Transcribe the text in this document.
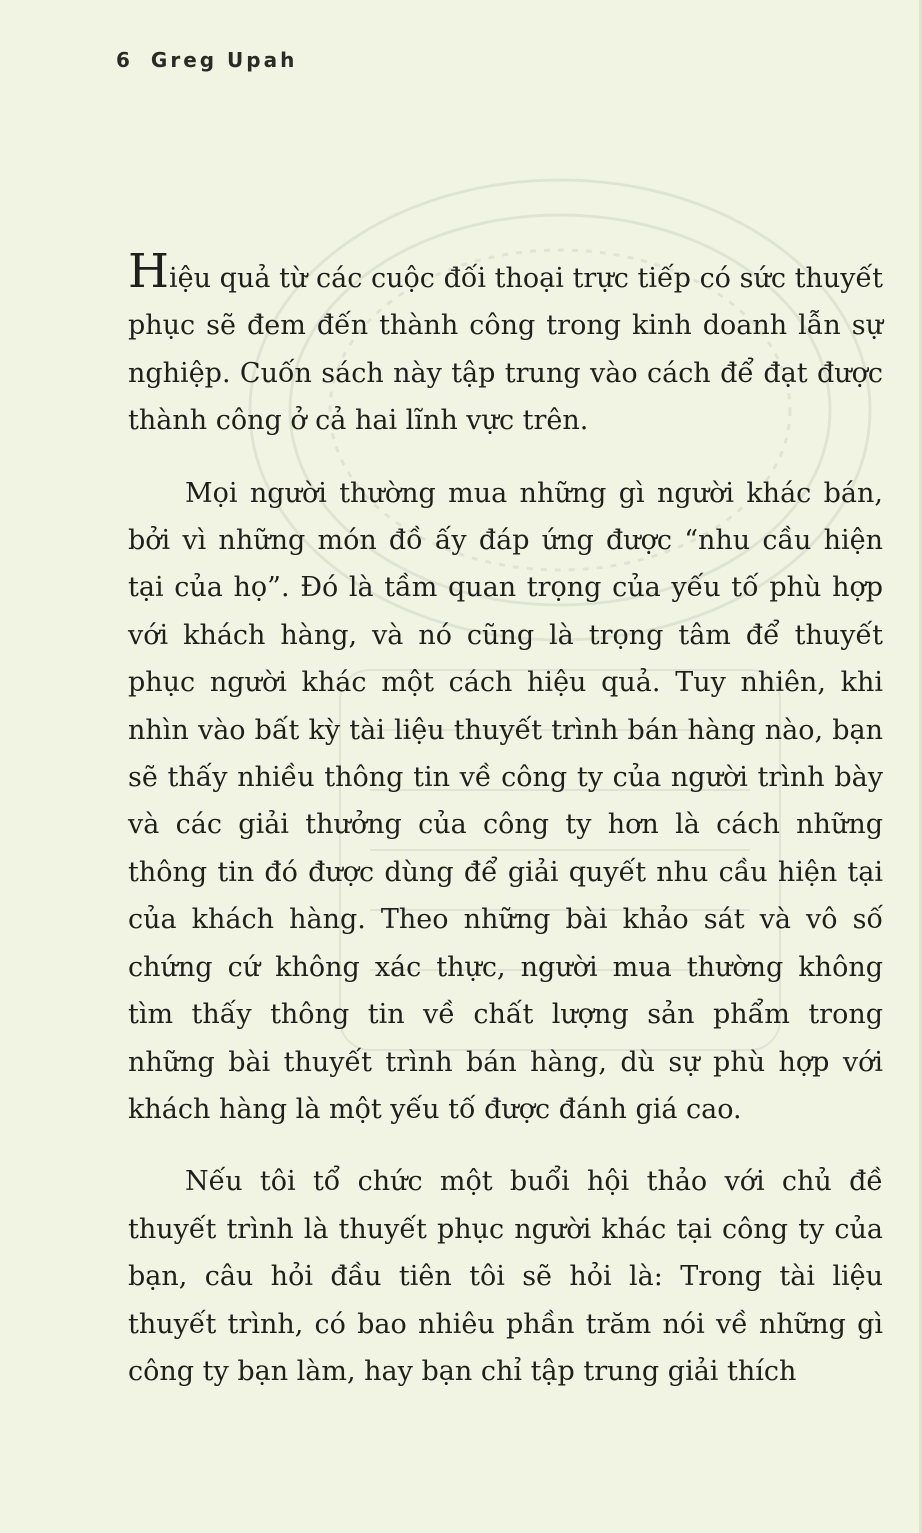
6 Greg Upah

Hiệu quả từ các cuộc đối thoại trực tiếp có sức thuyết phục sẽ đem đến thành công trong kinh doanh lẫn sự nghiệp. Cuốn sách này tập trung vào cách để đạt được thành công ở cả hai lĩnh vực trên.

Mọi người thường mua những gì người khác bán, bởi vì những món đồ ấy đáp ứng được “nhu cầu hiện tại của họ”. Đó là tầm quan trọng của yếu tố phù hợp với khách hàng, và nó cũng là trọng tâm để thuyết phục người khác một cách hiệu quả. Tuy nhiên, khi nhìn vào bất kỳ tài liệu thuyết trình bán hàng nào, bạn sẽ thấy nhiều thông tin về công ty của người trình bày và các giải thưởng của công ty hơn là cách những thông tin đó được dùng để giải quyết nhu cầu hiện tại của khách hàng. Theo những bài khảo sát và vô số chứng cứ không xác thực, người mua thường không tìm thấy thông tin về chất lượng sản phẩm trong những bài thuyết trình bán hàng, dù sự phù hợp với khách hàng là một yếu tố được đánh giá cao.

Nếu tôi tổ chức một buổi hội thảo với chủ đề thuyết trình là thuyết phục người khác tại công ty của bạn, câu hỏi đầu tiên tôi sẽ hỏi là: Trong tài liệu thuyết trình, có bao nhiêu phần trăm nói về những gì công ty bạn làm, hay bạn chỉ tập trung giải thích
